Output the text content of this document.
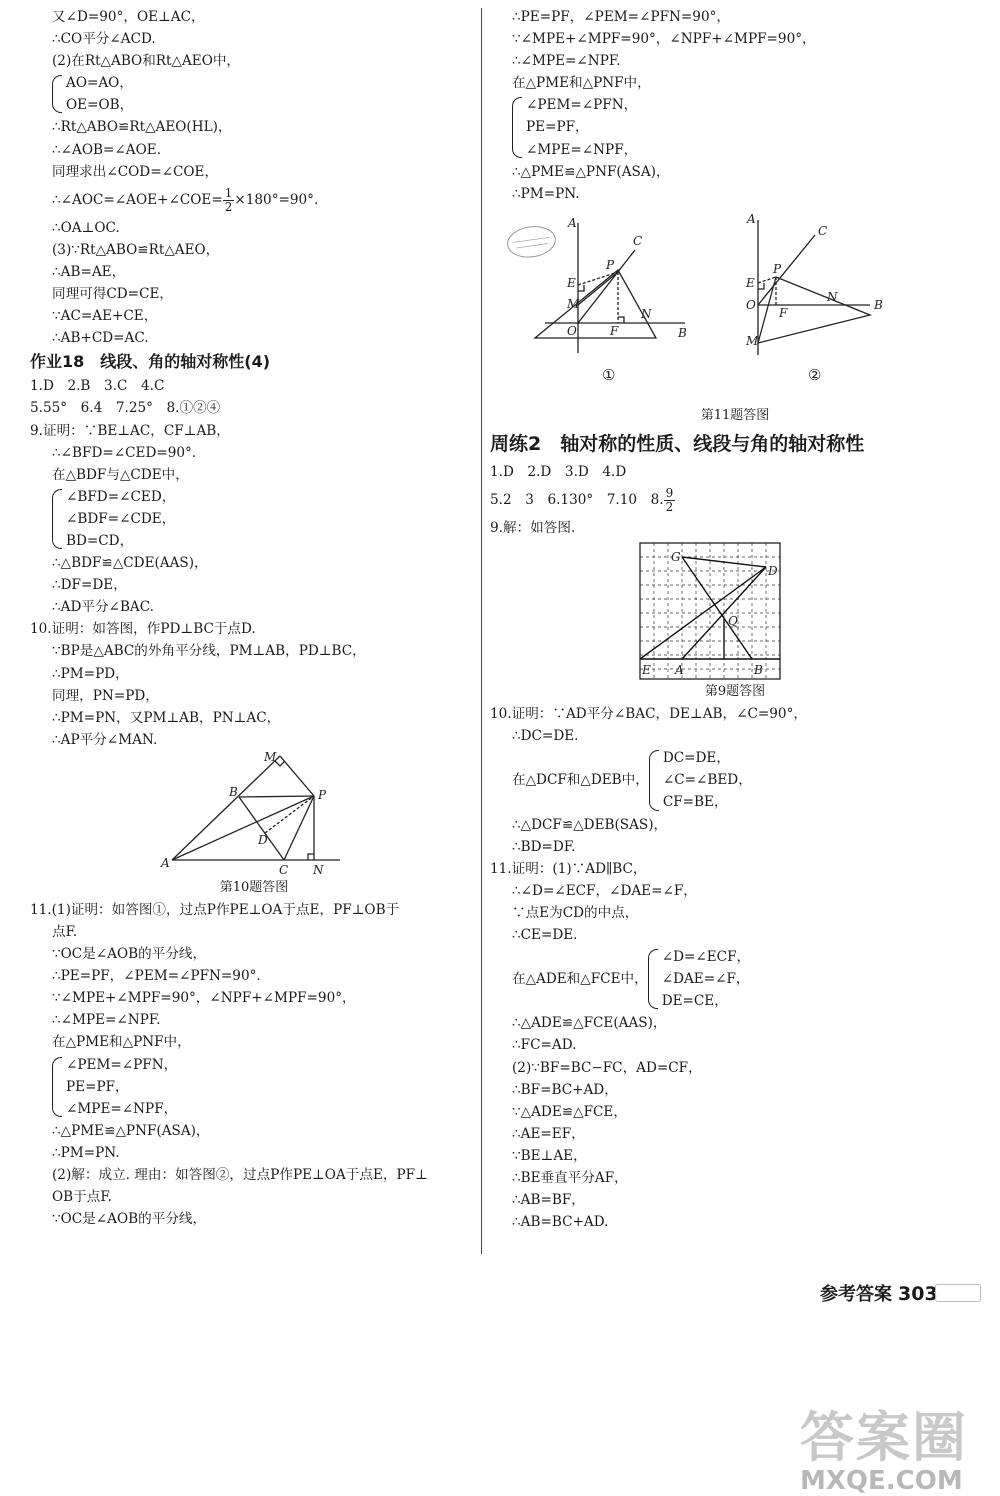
又∠D=90°，OE⊥AC，
∴CO平分∠ACD.
(2)在Rt△ABO和Rt△AEO中，
AO=AO，
OE=OB，
∴Rt△ABO≌Rt△AEO(HL)，
∴∠AOB=∠AOE.
同理求出∠COD=∠COE，
∴∠AOC=∠AOE+∠COE= $\frac{1}{2} \times 180^\circ=90^\circ$.
∴OA⊥OC.
(3)∵Rt△ABO≌Rt△AEO，
∴AB=AE，
同理可得CD=CE，
∵AC=AE+CE，
∴AB+CD=AC.
作业18　线段、角的轴对称性(4)
1.D　2.B　3.C　4.C
5.55°　6.4　7.25°　8.①②④
9.证明：∵BE⊥AC，CF⊥AB，
∴∠BFD=∠CED=90°.
在△BDF与△CDE中，
∠BFD=∠CED，
∠BDF=∠CDE，
BD=CD，
∴△BDF≌△CDE(AAS)，
∴DF=DE，
∴AD平分∠BAC.
10.证明：如答图，作PD⊥BC于点D.
∵BP是△ABC的外角平分线，PM⊥AB，PD⊥BC，
∴PM=PD，
同理，PN=PD，
∴PM=PN，又PM⊥AB，PN⊥AC，
∴AP平分∠MAN.
M
B	P
D
A	C N
第10题答图
11.(1)证明：如答图①，过点P作PE⊥OA于点E，PF⊥OB于
点F.
∵OC是∠AOB的平分线，
∴PE=PF，∠PEM=∠PFN=90°.
∵∠MPE+∠MPF=90°，∠NPF+∠MPF=90°，
∴∠MPE=∠NPF.
在△PME和△PNF中，
∠PEM=∠PFN，
PE=PF，
∠MPE=∠NPF，
∴△PME≌△PNF(ASA)，
∴PM=PN.
(2)解：成立. 理由：如答图②，过点P作PE⊥OA于点E，PF⊥
OB于点F.
∵OC是∠AOB的平分线，
∴PE=PF，∠PEM=∠PFN=90°，
∵∠MPE+∠MPF=90°，∠NPF+∠MPF=90°，
∴∠MPE=∠NPF.
在△PME和△PNF中，
∠PEM=∠PFN，
PE=PF，
∠MPE=∠NPF，
∴△PME≌△PNF(ASA)，
∴PM=PN.
A
C
P
E
M
N
O	F	B
A
C
P
E
N
O
F
B
M
①	②
第11题答图
周练2　轴对称的性质、线段与角的轴对称性
1.D　2.D　3.D　4.D
5.2　3　6.130°　7.10　8. $\frac{9}{2}$
9.解：如答图.
G
D
Q
E A	B
第9题答图
10.证明：∵AD平分∠BAC，DE⊥AB，∠C=90°，
∴DC=DE.
在△DCF和△DEB中，
DC=DE，
∠C=∠BED，
CF=BE，
∴△DCF≌△DEB(SAS)，
∴BD=DF.
11.证明：(1)∵AD∥BC，
∴∠D=∠ECF，∠DAE=∠F，
∵点E为CD的中点，
∴CE=DE.
在△ADE和△FCE中，
∠D=∠ECF，
∠DAE=∠F，
DE=CE，
∴△ADE≌△FCE(AAS)，
∴FC=AD.
(2)∵BF=BC−FC，AD=CF，
∴BF=BC+AD，
∵△ADE≌△FCE，
∴AE=EF，
∵BE⊥AE，
∴BE垂直平分AF，
∴AB=BF，
∴AB=BC+AD.
参考答案 303
答案圈
MXQE.COM
